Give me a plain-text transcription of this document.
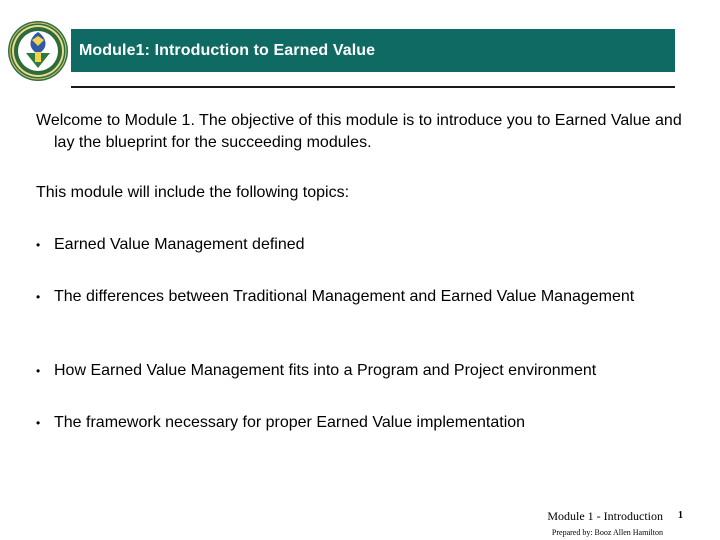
Module1: Introduction to Earned Value
Welcome to Module 1. The objective of this module is to introduce you to Earned Value and lay the blueprint for the succeeding modules.
This module will include the following topics:
• Earned Value Management defined
• The differences between Traditional Management and Earned Value Management
• How Earned Value Management fits into a Program and Project environment
• The framework necessary for proper Earned Value implementation
Module 1 - Introduction 1
Prepared by: Booz Allen Hamilton
